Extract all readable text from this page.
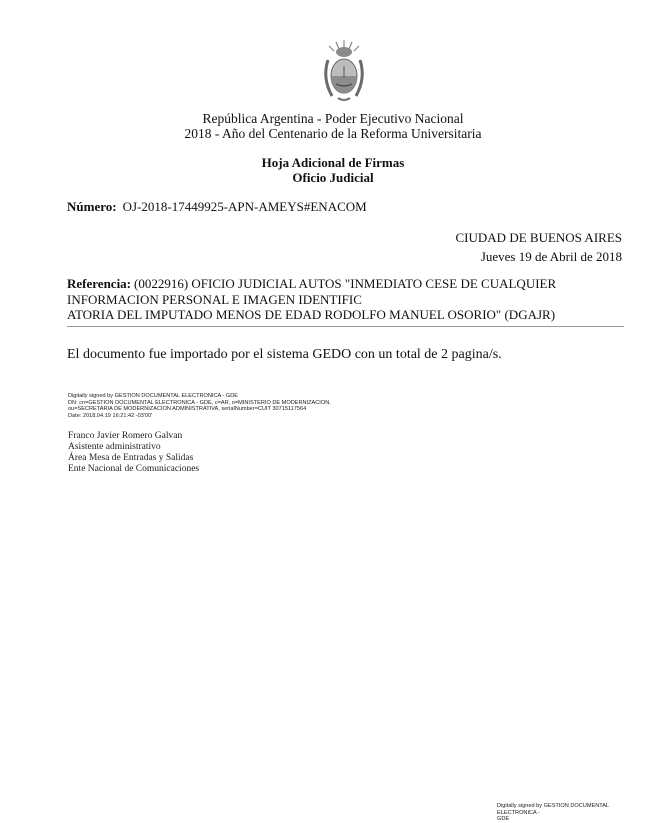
República Argentina - Poder Ejecutivo Nacional
2018 - Año del Centenario de la Reforma Universitaria
Hoja Adicional de Firmas
Oficio Judicial
Número: OJ-2018-17449925-APN-AMEYS#ENACOM
CIUDAD DE BUENOS AIRES
Jueves 19 de Abril de 2018
Referencia: (0022916) OFICIO JUDICIAL AUTOS "INMEDIATO CESE DE CUALQUIER
INFORMACION PERSONAL E IMAGEN IDENTIFIC
ATORIA DEL IMPUTADO MENOS DE EDAD RODOLFO MANUEL OSORIO" (DGAJR)
El documento fue importado por el sistema GEDO con un total de 2 pagina/s.
Digitally signed by GESTION DOCUMENTAL ELECTRONICA - GDE
DN: cn=GESTION DOCUMENTAL ELECTRONICA - GDE, c=AR, o=MINISTERIO DE MODERNIZACION,
ou=SECRETARIA DE MODERNIZACION ADMINISTRATIVA, serialNumber=CUIT 30715117564
Date: 2018.04.19 16:21:42 -03'00'
Franco Javier Romero Galvan
Asistente administrativo
Área Mesa de Entradas y Salidas
Ente Nacional de Comunicaciones
Digitally signed by GESTION DOCUMENTAL ELECTRONICA -
GDE
